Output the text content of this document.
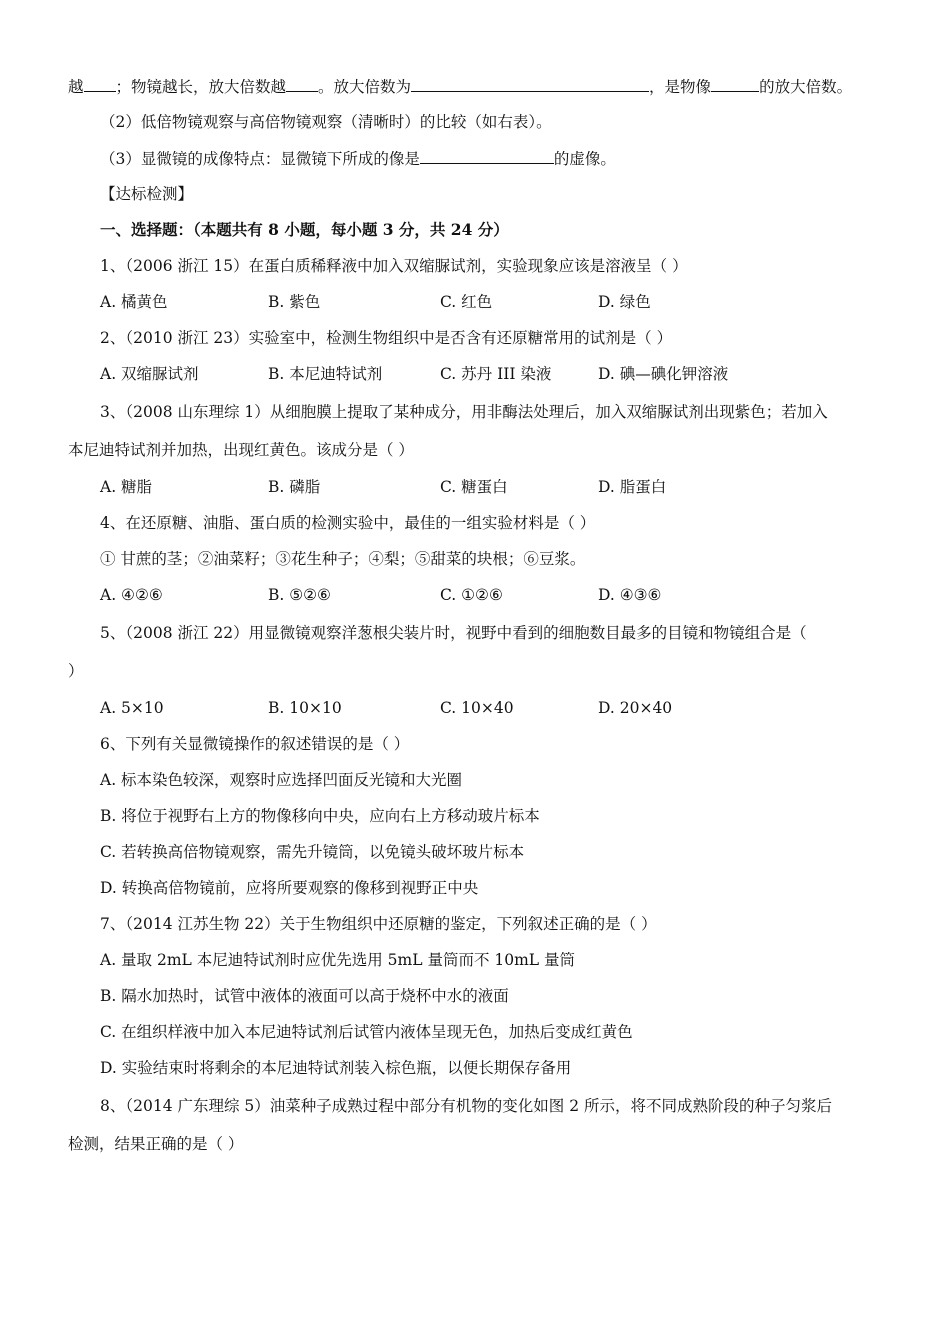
越 ；物镜越长，放大倍数越 。放大倍数为	，是物像	的放大倍数。
（2）低倍物镜观察与高倍物镜观察（清晰时）的比较（如右表）。
（3）显微镜的成像特点：显微镜下所成的像是	的虚像。
【达标检测】
一、选择题：（本题共有 8 小题，每小题 3 分，共 24 分）
1、（2006 浙江 15）在蛋白质稀释液中加入双缩脲试剂，实验现象应该是溶液呈（ ）
A. 橘黄色	B. 紫色	C. 红色	D. 绿色
2、（2010 浙江 23）实验室中，检测生物组织中是否含有还原糖常用的试剂是（ ）
A. 双缩脲试剂	B. 本尼迪特试剂	C. 苏丹 III 染液	D. 碘—碘化钾溶液
3、（2008 山东理综 1）从细胞膜上提取了某种成分，用非酶法处理后，加入双缩脲试剂出现紫色；若加入
本尼迪特试剂并加热，出现红黄色。该成分是（ ）
A. 糖脂	B. 磷脂	C. 糖蛋白	D. 脂蛋白
4、在还原糖、油脂、蛋白质的检测实验中，最佳的一组实验材料是（ ）
① 甘蔗的茎；②油菜籽；③花生种子；④梨；⑤甜菜的块根；⑥豆浆。
A. ④②⑥	B. ⑤②⑥	C. ①②⑥	D. ④③⑥
5、（2008 浙江 22）用显微镜观察洋葱根尖装片时，视野中看到的细胞数目最多的目镜和物镜组合是（
）
A. 5×10	B. 10×10	C. 10×40	D. 20×40
6、下列有关显微镜操作的叙述错误的是（ ）
A. 标本染色较深，观察时应选择凹面反光镜和大光圈
B. 将位于视野右上方的物像移向中央，应向右上方移动玻片标本
C. 若转换高倍物镜观察，需先升镜筒，以免镜头破坏玻片标本
D. 转换高倍物镜前，应将所要观察的像移到视野正中央
7、（2014 江苏生物 22）关于生物组织中还原糖的鉴定，下列叙述正确的是（ ）
A. 量取 2mL 本尼迪特试剂时应优先选用 5mL 量筒而不 10mL 量筒
B. 隔水加热时，试管中液体的液面可以高于烧杯中水的液面
C. 在组织样液中加入本尼迪特试剂后试管内液体呈现无色，加热后变成红黄色
D. 实验结束时将剩余的本尼迪特试剂装入棕色瓶，以便长期保存备用
8、（2014 广东理综 5）油菜种子成熟过程中部分有机物的变化如图 2 所示，将不同成熟阶段的种子匀浆后
检测，结果正确的是（ ）
